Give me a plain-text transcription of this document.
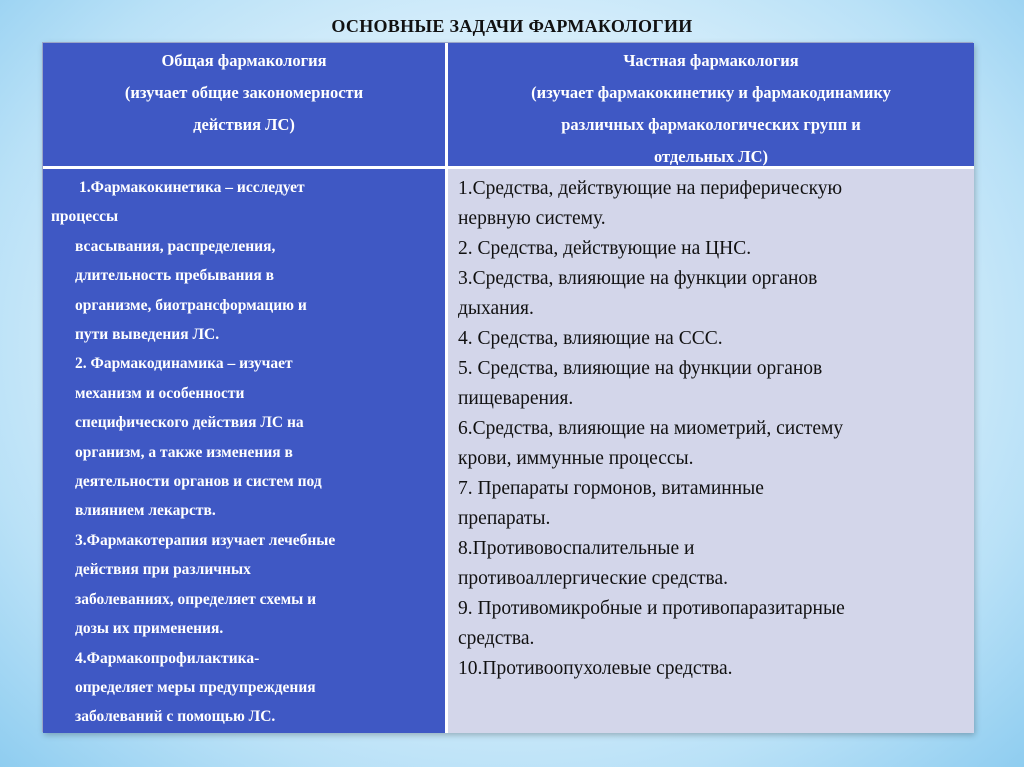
ОСНОВНЫЕ ЗАДАЧИ ФАРМАКОЛОГИИ
Общая фармакология
(изучает общие закономерности
действия ЛС)
Частная фармакология
(изучает фармакокинетику и фармакодинамику
различных фармакологических групп и
отдельных ЛС)
1.Фармакокинетика – исследует
процессы
всасывания, распределения,
длительность пребывания в
организме, биотрансформацию и
пути выведения ЛС.
2. Фармакодинамика – изучает
механизм и особенности
специфического действия ЛС на
организм, а также изменения в
деятельности органов и систем под
влиянием лекарств.
3.Фармакотерапия изучает лечебные
действия при различных
заболеваниях, определяет схемы и
дозы их применения.
4.Фармакопрофилактика-
определяет меры предупреждения
заболеваний с помощью ЛС.
1.Средства, действующие на периферическую
нервную систему.
2. Средства, действующие на ЦНС.
3.Средства, влияющие на функции органов
дыхания.
4. Средства, влияющие на ССС.
5. Средства, влияющие на функции органов
пищеварения.
6.Средства, влияющие на миометрий, систему
крови, иммунные процессы.
7. Препараты гормонов, витаминные
препараты.
8.Противовоспалительные и
противоаллергические средства.
9. Противомикробные и противопаразитарные
средства.
10.Противоопухолевые средства.
